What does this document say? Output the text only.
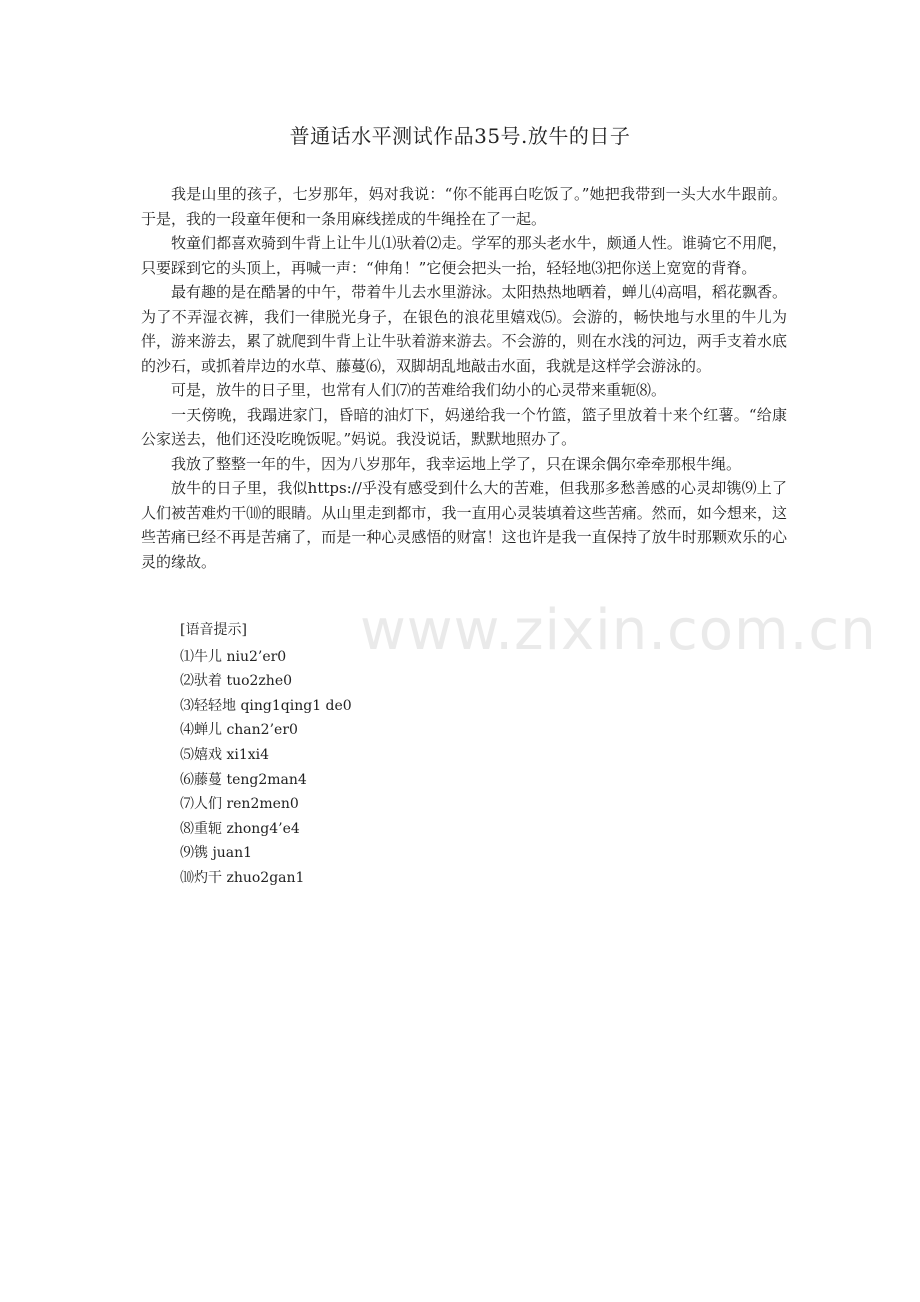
普通话水平测试作品35号.放牛的日子

我是山里的孩子，七岁那年，妈对我说：“你不能再白吃饭了。”她把我带到一头大水牛跟前。于是，我的一段童年便和一条用麻线搓成的牛绳拴在了一起。

牧童们都喜欢骑到牛背上让牛儿⑴驮着⑵走。学军的那头老水牛，颇通人性。谁骑它不用爬，只要踩到它的头顶上，再喊一声：“伸角！”它便会把头一抬，轻轻地⑶把你送上宽宽的背脊。

最有趣的是在酷暑的中午，带着牛儿去水里游泳。太阳热热地晒着，蝉儿⑷高唱，稻花飘香。为了不弄湿衣裤，我们一律脱光身子，在银色的浪花里嬉戏⑸。会游的，畅快地与水里的牛儿为伴，游来游去，累了就爬到牛背上让牛驮着游来游去。不会游的，则在水浅的河边，两手支着水底的沙石，或抓着岸边的水草、藤蔓⑹，双脚胡乱地敲击水面，我就是这样学会游泳的。

可是，放牛的日子里，也常有人们⑺的苦难给我们幼小的心灵带来重轭⑻。

一天傍晚，我蹋进家门，昏暗的油灯下，妈递给我一个竹篮，篮子里放着十来个红薯。“给康公家送去，他们还没吃晚饭呢。”妈说。我没说话，默默地照办了。

我放了整整一年的牛，因为八岁那年，我幸运地上学了，只在课余偶尔牵牵那根牛绳。

放牛的日子里，我似https://乎没有感受到什么大的苦难，但我那多愁善感的心灵却镌⑼上了人们被苦难灼干⑽的眼睛。从山里走到都市，我一直用心灵装填着这些苦痛。然而，如今想来，这些苦痛已经不再是苦痛了，而是一种心灵感悟的财富！这也许是我一直保持了放牛时那颗欢乐的心灵的缘故。

[语音提示]
⑴牛儿 niu2’er0
⑵驮着 tuo2zhe0
⑶轻轻地 qing1qing1 de0
⑷蝉儿 chan2’er0
⑸嬉戏 xi1xi4
⑹藤蔓 teng2man4
⑺人们 ren2men0
⑻重轭 zhong4’e4
⑼镌 juan1
⑽灼干 zhuo2gan1
www.zixin.com.cn
